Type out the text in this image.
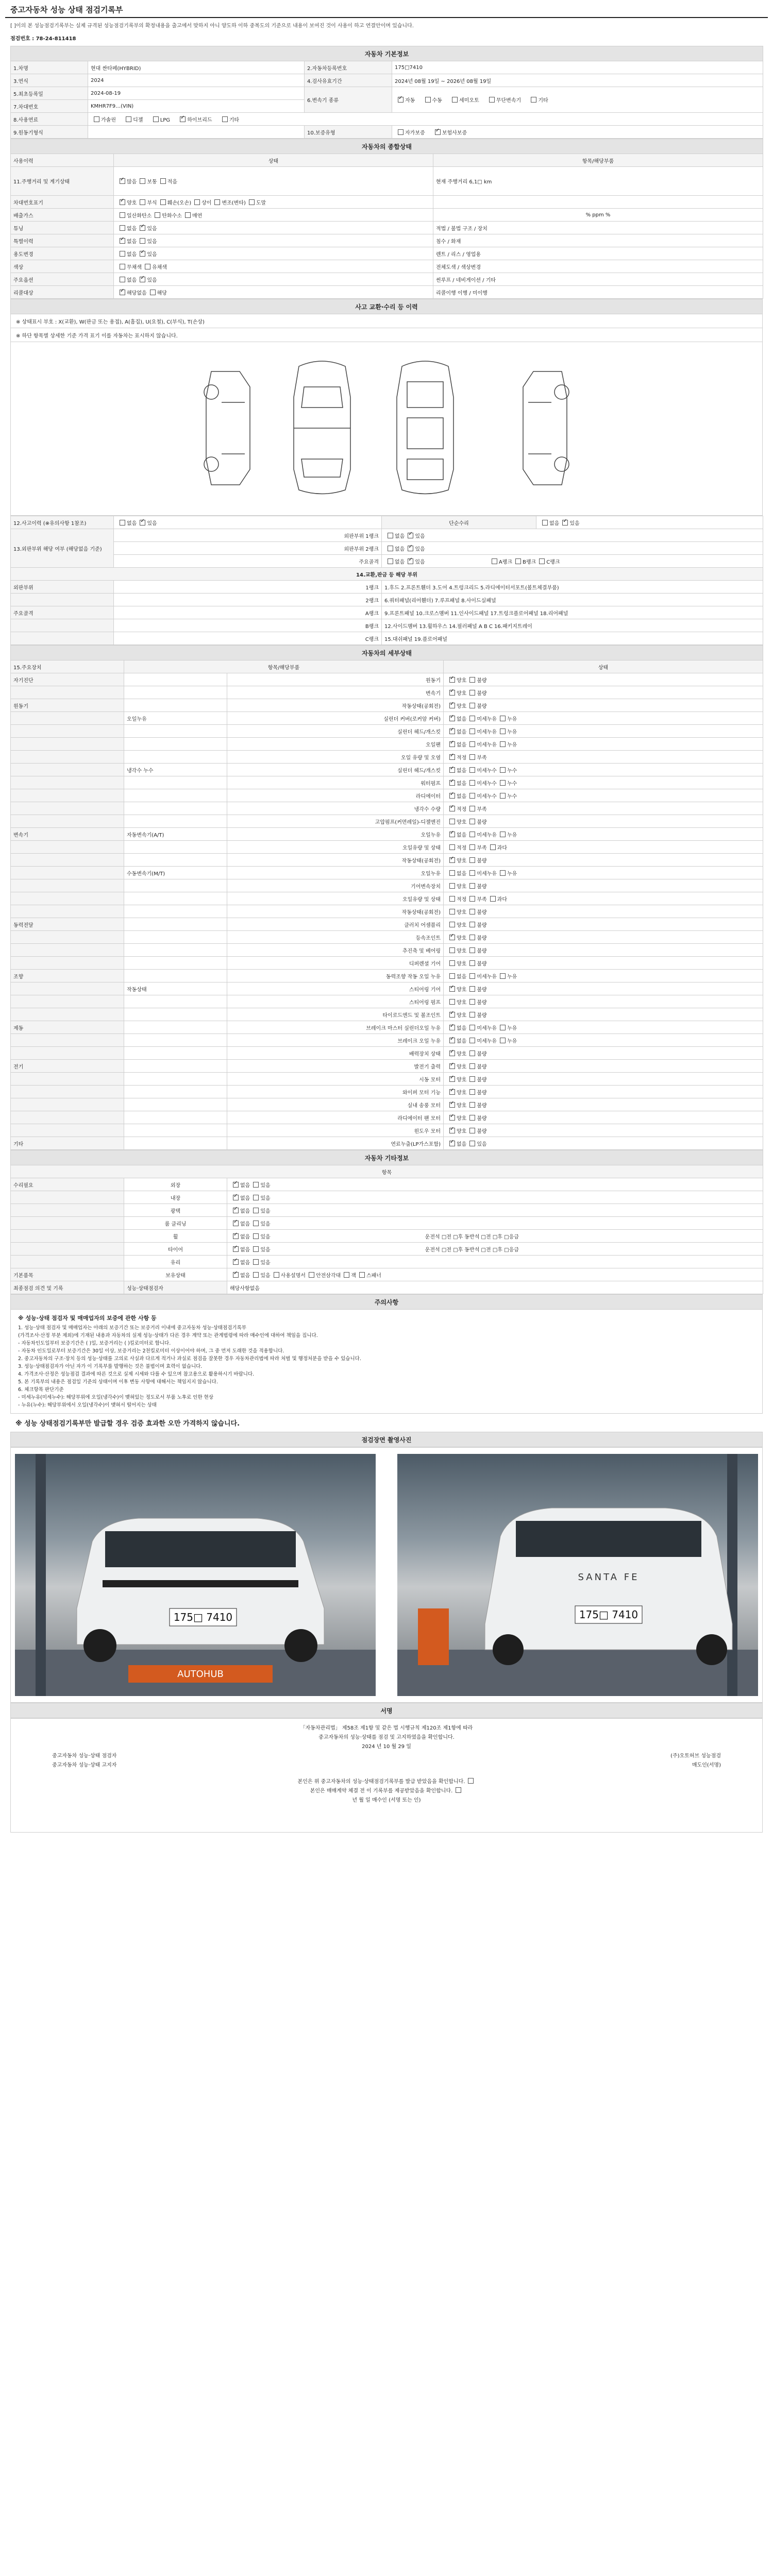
중고자동차 성능 상태 점검기록부
[ ]이의 본 성능점검기록부는 실제 규격된 성능점검기록부의 확정내용을 출고에서 맞하지 아니 양도하 이하 중복도의 기준으로 내용이 보여진 것이 사용이 하고 연결안이며 있습니다.
점검번호 : 78-24-811418
자동차 기본정보			
1.차명	현대 싼타페(HYBRID)	2.자동차등록번호	175□7410
3.연식	2024	4.검사유효기간	2024년 08월 19일 ~ 2026년 08월 19일
5.최초등록일	2024-08-19	6.변속기 종류	✓자동 수동 세미오토 무단변속기 기타
7.차대번호	KMHR7F9…(VIN)		
8.사용연료	가솔린 디젤 LPG ✓ 하이브리드 기타
9.원동기형식		10.보증유형	자가보증 ✓ 보험사보증
자동차의 종합상태		
사용이력	상태	항목/해당부품
11.주행거리 및 계기상태	✓많음 보통 적음	현재 주행거리 6,1□ km
차대번호표기	✓양호 부식 훼손(오손) 상이 변조(변타) 도말	
배출가스	일산화탄소 탄화수소 매연	% ppm %
튜닝	없음 ✓ 있음	적법 / 불법 구조 / 장치
특별이력	✓없음 있음	침수 / 화재
용도변경	없음 ✓ 있음	렌트 / 리스 / 영업용
색상	무채색 유채색	전체도색 / 색상변경
주요옵션	없음 ✓ 있음	썬루프 / 네비게이션 / 기타
리콜대상	✓해당없음 해당	리콜이행 이행 / 미이행
사고 교환·수리 등 이력
※ 상태표시 부호 : X(교환), W(판금 또는 용접), A(흠집), U(요철), C(부식), T(손상)
※ 하단 항목별 상세한 기준 가격 표기 이를 자동차는 표시하지 않습니다.

12.사고이력 (※유의사항 1참조)	없음 ✓ 있음	단순수리	없음 ✓ 있음
13.외판부위 해당 여부 (해당없음 기준)	외판부위 1랭크	없음 ✓ 있음
	외판부위 2랭크	없음 ✓ 있음
	주요골격	없음 ✓ 있음 A랭크 B랭크 C랭크
14.교환,판금 등 해당 부위			
외판부위	1랭크	1.후드 2.프론트휀더 3.도어 4.트렁크리드 5.라디에이터서포트(볼트체결부품)	
	2랭크	6.쿼터패널(리어휀더) 7.루프패널 8.사이드실패널	
주요골격	A랭크	9.프론트패널 10.크로스멤버 11.인사이드패널 17.트렁크플로어패널 18.리어패널	
	B랭크	12.사이드멤버 13.휠하우스 14.필러패널 A B C 16.패키지트레이	
	C랭크	15.대쉬패널 19.플로어패널	
자동차의 세부상태			
15.주요장치	항목/해당부품		상태
자기진단		원동기	✓양호 불량
		변속기	✓양호 불량
원동기		작동상태(공회전)	✓양호 불량
	오일누유	실린더 커버(로커암 커버)	✓없음 미세누유 누유
		실린더 헤드/개스킷	✓없음 미세누유 누유
		오일팬	✓없음 미세누유 누유
		오일 유량 및 오염	✓적정 부족
	냉각수 누수	실린더 헤드/개스킷	✓없음 미세누수 누수
		워터펌프	✓없음 미세누수 누수
		라디에이터	✓없음 미세누수 누수
		냉각수 수량	✓적정 부족
		고압펌프(커먼레일)-디젤엔진	양호 불량
변속기	자동변속기(A/T)	오일누유	✓없음 미세누유 누유
		오일유량 및 상태	적정 부족 과다
		작동상태(공회전)	✓양호 불량
	수동변속기(M/T)	오일누유	없음 미세누유 누유
		기어변속장치	양호 불량
		오일유량 및 상태	적정 부족 과다
		작동상태(공회전)	양호 불량
동력전달		클러치 어셈블리	양호 불량
		등속조인트	✓양호 불량
		추진축 및 베어링	양호 불량
		디퍼렌셜 기어	양호 불량
조향		동력조향 작동 오일 누유	없음 미세누유 누유
	작동상태	스티어링 기어	✓양호 불량
		스티어링 펌프	양호 불량
		타이로드엔드 및 볼조인트	✓양호 불량
제동		브레이크 마스터 실린더오일 누유	✓없음 미세누유 누유
		브레이크 오일 누유	✓없음 미세누유 누유
		배력장치 상태	✓양호 불량
전기		발전기 출력	✓양호 불량
		시동 모터	✓양호 불량
		와이퍼 모터 기능	✓양호 불량
		실내 송풍 모터	✓양호 불량
		라디에이터 팬 모터	✓양호 불량
		윈도우 모터	✓양호 불량
기타		연료누출(LP가스포함)	✓없음 있음
자동차 기타정보		
항목		
수리필요	외장	✓없음 있음
	내장	✓없음 있음
	광택	✓없음 있음
	룸 클리닝	✓없음 있음
	휠	✓없음 있음 운전석 □전 □후 동반석 □전 □후 □응급
	타이어	✓없음 있음 운전석 □전 □후 동반석 □전 □후 □응급
	유리	✓없음 있음
기본품목	보유상태	✓없음 있음 사용설명서 안전삼각대 잭 스패너
최종점검 의견 및 기록	성능·상태점검자	해당사항없음
주의사항

※ 성능·상태 점검자 및 매매업자의 보증에 관한 사항 등

1. 성능·상태 점검자 및 매매업자는 아래의 보증기간 또는 보증거리 이내에 중고자동차 성능·상태점검기록부

(가격조사·산정 부분 제외)에 기재된 내용과 자동차의 실제 성능·상태가 다른 경우 계약 또는 관계법령에 따라 매수인에 대하여 책임을 집니다.

- 자동차인도일부터 보증기간은 ( )일, 보증거리는 ( )킬로미터로 합니다.

- 자동차 인도일로부터 보증기간은 30일 이상, 보증거리는 2천킬로미터 이상이어야 하며, 그 중 먼저 도래한 것을 적용합니다.

2. 중고자동차의 구조·장치 등의 성능·상태를 고의로 사실과 다르게 적거나 과실로 점검을 잘못한 경우 자동차관리법에 따라 처벌 및 행정처분을 받을 수 있습니다.

3. 성능·상태점검자가 아닌 자가 이 기록부를 발행하는 것은 불법이며 효력이 없습니다.

4. 가격조사·산정은 성능점검 결과에 따른 것으로 실제 시세와 다를 수 있으며 참고용으로 활용하시기 바랍니다.

5. 본 기록부의 내용은 점검일 기준의 상태이며 이후 변동 사항에 대해서는 책임지지 않습니다.

6. 체크항목 판단기준

- 미세누유(미세누수): 해당부위에 오일(냉각수)이 맺혀있는 정도로서 부품 노후로 인한 현상

- 누유(누수): 해당부위에서 오일(냉각수)이 맺혀서 떨어지는 상태

※ 성능 상태점검기록부만 발급할 경우 검증 효과한 오만 가격하지 않습니다.
점검장면 촬영사진
175□ 7410
AUTOHUB
SANTA FE
175□ 7410
서명
「자동차관리법」 제58조 제1항 및 같은 법 시행규칙 제120조 제1항에 따라
중고자동차의 성능·상태를 점검 및 고지하였음을 확인합니다.
2024 년 10 월 29 일
중고자동차 성능·상태 점검자	(주)오토허브 성능점검
중고자동차 성능·상태 고지자	매도인(서명)
본인은 위 중고자동차의 성능·상태점검기록부를 발급 받았음을 확인합니다.
본인은 매매계약 체결 전 이 기록부를 제공받았음을 확인합니다.
년 월 일 매수인 (서명 또는 인)
